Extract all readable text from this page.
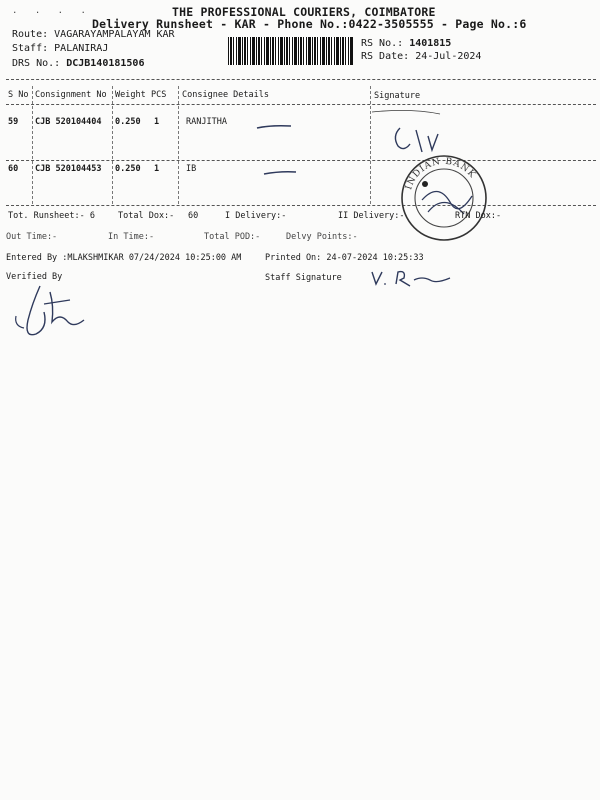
. . . .	THE PROFESSIONAL COURIERS, COIMBATORE
Delivery Runsheet - KAR - Phone No.:0422-3505555 - Page No.:6
Route: VAGARAYAMPALAYAM KAR
Staff: PALANIRAJ
DRS No.: DCJB140181506
RS No.: 1401815
RS Date: 24-Jul-2024
S No Consignment No Weight PCS Consignee Details	Signature
59 CJB 520104404 0.250 1	RANJITHA
60 CJB 520104453 0.250 1	IB
INDIAN BANK
Tot. Runsheet:- 6	Total Dox:- 60	I Delivery:-	II Delivery:-	RTN Dox:-
Out Time:-	In Time:-	Total POD:-	Delvy Points:-
Entered By :MLAKSHMIKAR 07/24/2024 10:25:00 AM	Printed On: 24-07-2024 10:25:33
Verified By	Staff Signature
